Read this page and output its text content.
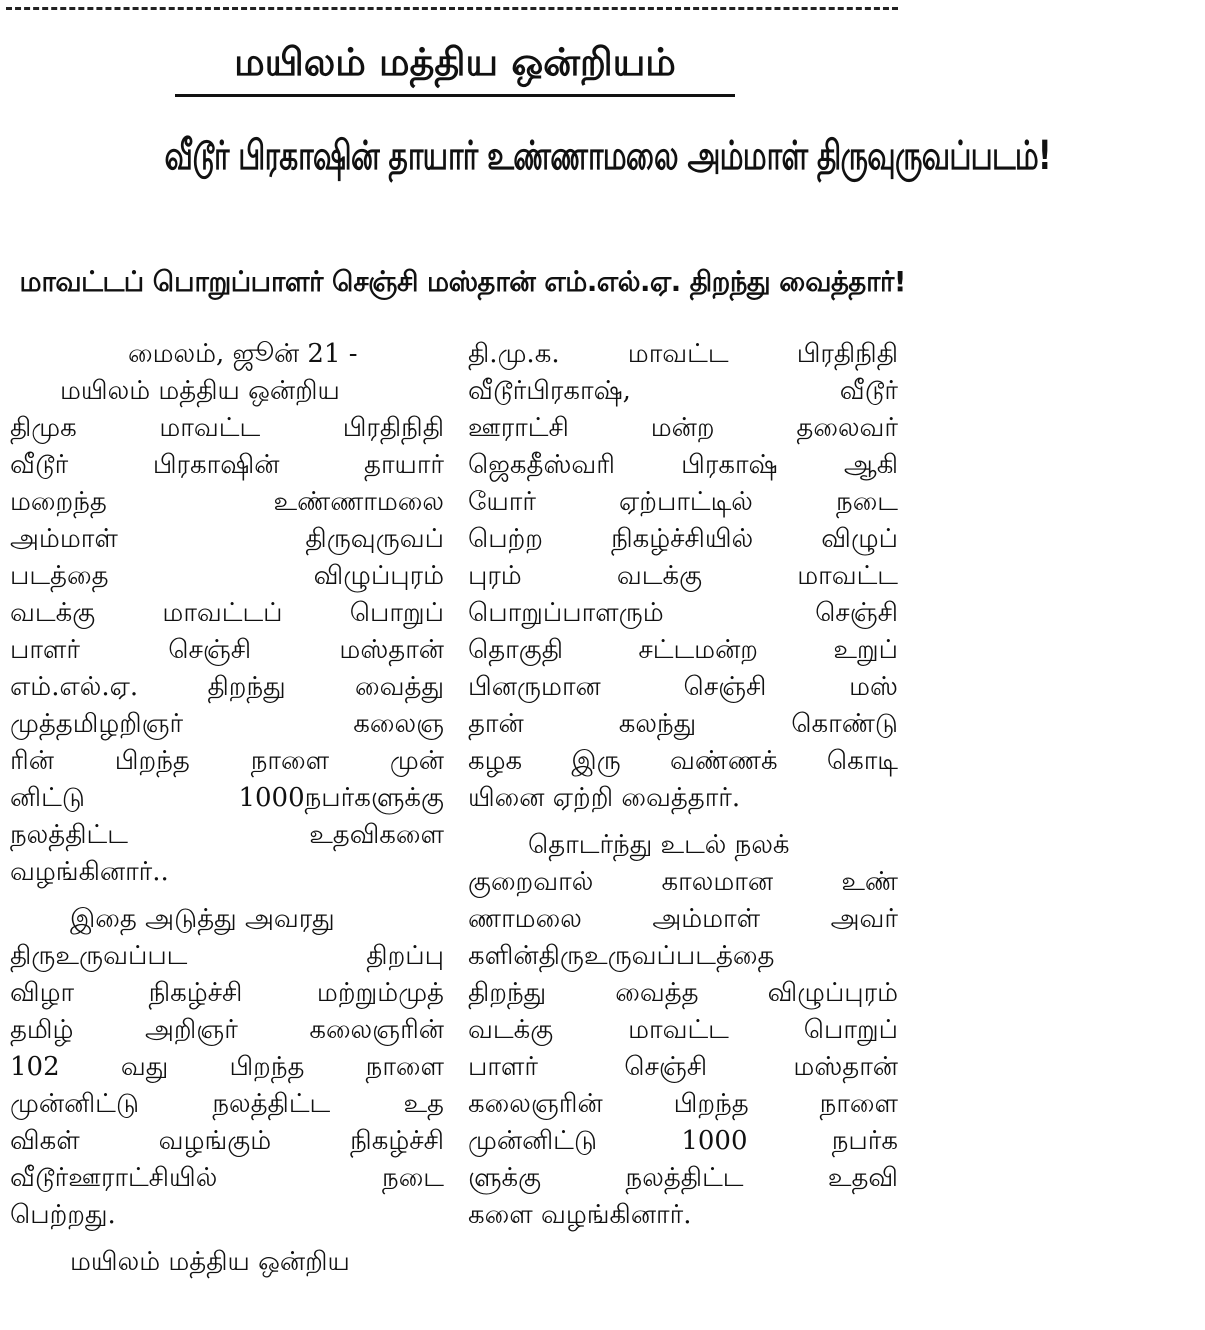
மயிலம் மத்திய ஒன்றியம்
வீடூர் பிரகாஷின் தாயார் உண்ணாமலை அம்மாள் திருவுருவப்படம்!
மாவட்டப் பொறுப்பாளர் செஞ்சி மஸ்தான் எம்.எல்.ஏ. திறந்து வைத்தார்!
மைலம், ஜூன் 21 -
மயிலம் மத்திய ஒன்றிய
திமுக மாவட்ட பிரதிநிதி
வீடூர் பிரகாஷின் தாயார்
மறைந்த உண்ணாமலை
அம்மாள் திருவுருவப்
படத்தை விழுப்புரம்
வடக்கு மாவட்டப் பொறுப்
பாளர் செஞ்சி மஸ்தான்
எம்.எல்.ஏ. திறந்து வைத்து
முத்தமிழறிஞர் கலைஞ
ரின் பிறந்த நாளை முன்
னிட்டு 1000நபர்களுக்கு
நலத்திட்ட உதவிகளை
வழங்கினார்..
இதை அடுத்து அவரது
திருஉருவப்பட திறப்பு
விழா நிகழ்ச்சி மற்றும்முத்
தமிழ் அறிஞர் கலைஞரின்
102 வது பிறந்த நாளை
முன்னிட்டு நலத்திட்ட உத
விகள் வழங்கும் நிகழ்ச்சி
வீடூர்ஊராட்சியில் நடை
பெற்றது.
மயிலம் மத்திய ஒன்றிய
தி.மு.க. மாவட்ட பிரதிநிதி
வீடூர்பிரகாஷ், வீடூர்
ஊராட்சி மன்ற தலைவர்
ஜெகதீஸ்வரி பிரகாஷ் ஆகி
யோர் ஏற்பாட்டில் நடை
பெற்ற நிகழ்ச்சியில் விழுப்
புரம் வடக்கு மாவட்ட
பொறுப்பாளரும் செஞ்சி
தொகுதி சட்டமன்ற உறுப்
பினருமான செஞ்சி மஸ்
தான் கலந்து கொண்டு
கழக இரு வண்ணக் கொடி
யினை ஏற்றி வைத்தார்.
தொடர்ந்து உடல் நலக்
குறைவால் காலமான உண்
ணாமலை அம்மாள் அவர்
களின்திருஉருவப்படத்தை
திறந்து வைத்த விழுப்புரம்
வடக்கு மாவட்ட பொறுப்
பாளர் செஞ்சி மஸ்தான்
கலைஞரின் பிறந்த நாளை
முன்னிட்டு 1000 நபர்க
ளுக்கு நலத்திட்ட உதவி
களை வழங்கினார்.
